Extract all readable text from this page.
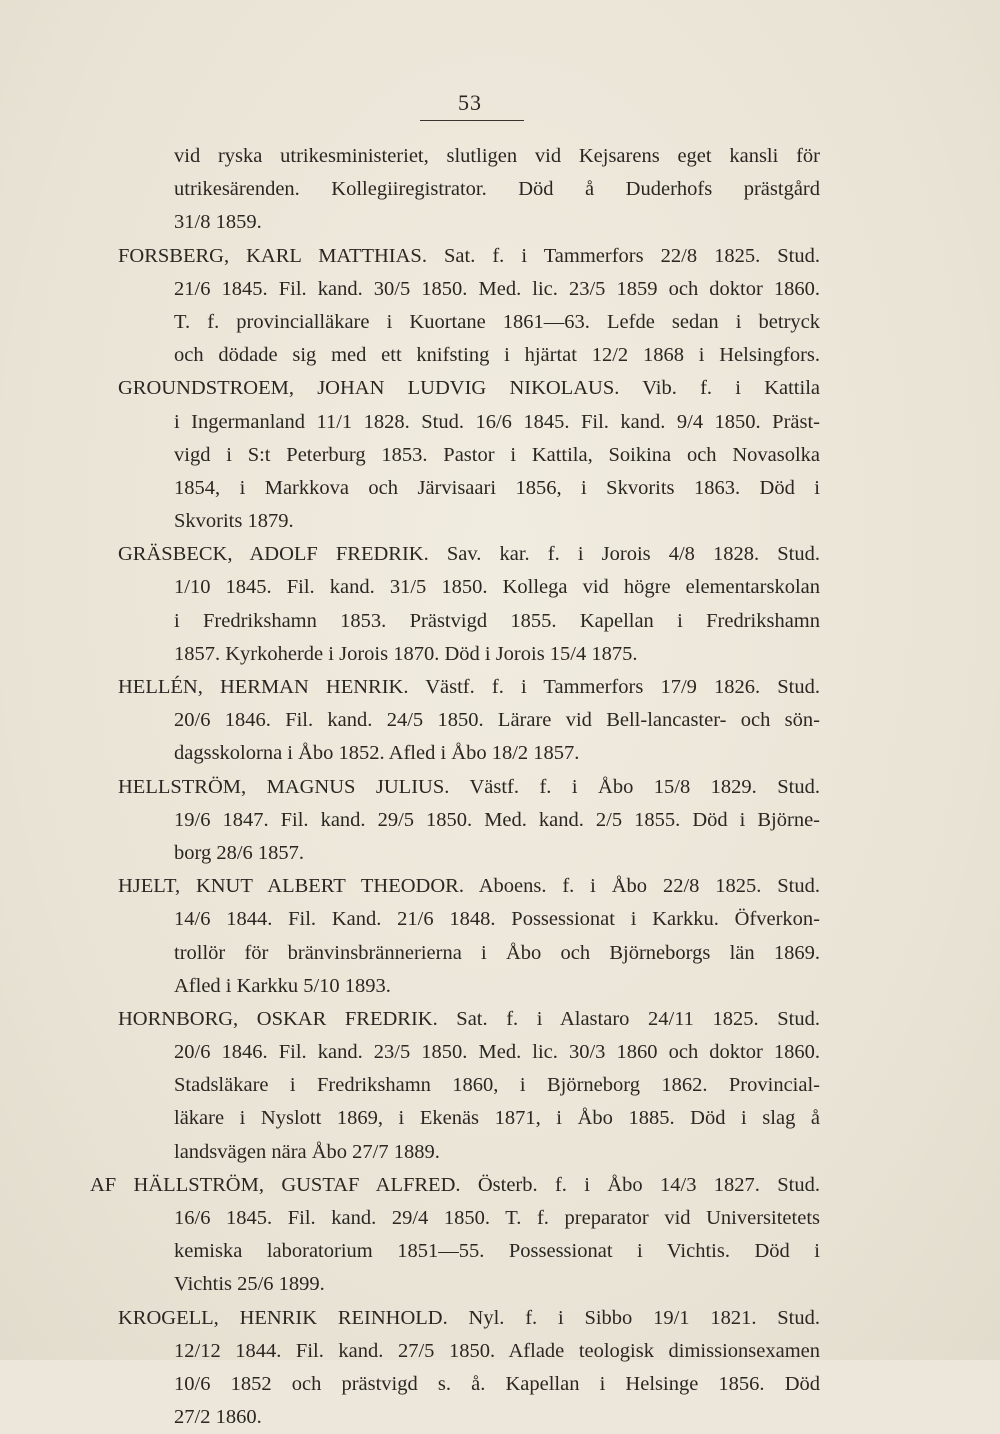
53
vid ryska utrikesministeriet, slutligen vid Kejsarens eget kansli för
utrikesärenden. Kollegiiregistrator. Död å Duderhofs prästgård
31/8 1859.
FORSBERG, KARL MATTHIAS. Sat. f. i Tammerfors 22/8 1825. Stud.
21/6 1845. Fil. kand. 30/5 1850. Med. lic. 23/5 1859 och doktor 1860.
T. f. provincialläkare i Kuortane 1861—63. Lefde sedan i betryck
och dödade sig med ett knifsting i hjärtat 12/2 1868 i Helsingfors.
GROUNDSTROEM, JOHAN LUDVIG NIKOLAUS. Vib. f. i Kattila
i Ingermanland 11/1 1828. Stud. 16/6 1845. Fil. kand. 9/4 1850. Präst-
vigd i S:t Peterburg 1853. Pastor i Kattila, Soikina och Novasolka
1854, i Markkova och Järvisaari 1856, i Skvorits 1863. Död i
Skvorits 1879.
GRÄSBECK, ADOLF FREDRIK. Sav. kar. f. i Jorois 4/8 1828. Stud.
1/10 1845. Fil. kand. 31/5 1850. Kollega vid högre elementarskolan
i Fredrikshamn 1853. Prästvigd 1855. Kapellan i Fredrikshamn
1857. Kyrkoherde i Jorois 1870. Död i Jorois 15/4 1875.
HELLÉN, HERMAN HENRIK. Västf. f. i Tammerfors 17/9 1826. Stud.
20/6 1846. Fil. kand. 24/5 1850. Lärare vid Bell-lancaster- och sön-
dagsskolorna i Åbo 1852. Afled i Åbo 18/2 1857.
HELLSTRÖM, MAGNUS JULIUS. Västf. f. i Åbo 15/8 1829. Stud.
19/6 1847. Fil. kand. 29/5 1850. Med. kand. 2/5 1855. Död i Björne-
borg 28/6 1857.
HJELT, KNUT ALBERT THEODOR. Aboens. f. i Åbo 22/8 1825. Stud.
14/6 1844. Fil. Kand. 21/6 1848. Possessionat i Karkku. Öfverkon-
trollör för bränvinsbrännerierna i Åbo och Björneborgs län 1869.
Afled i Karkku 5/10 1893.
HORNBORG, OSKAR FREDRIK. Sat. f. i Alastaro 24/11 1825. Stud.
20/6 1846. Fil. kand. 23/5 1850. Med. lic. 30/3 1860 och doktor 1860.
Stadsläkare i Fredrikshamn 1860, i Björneborg 1862. Provincial-
läkare i Nyslott 1869, i Ekenäs 1871, i Åbo 1885. Död i slag å
landsvägen nära Åbo 27/7 1889.
AF HÄLLSTRÖM, GUSTAF ALFRED. Österb. f. i Åbo 14/3 1827. Stud.
16/6 1845. Fil. kand. 29/4 1850. T. f. preparator vid Universitetets
kemiska laboratorium 1851—55. Possessionat i Vichtis. Död i
Vichtis 25/6 1899.
KROGELL, HENRIK REINHOLD. Nyl. f. i Sibbo 19/1 1821. Stud.
12/12 1844. Fil. kand. 27/5 1850. Aflade teologisk dimissionsexamen
10/6 1852 och prästvigd s. å. Kapellan i Helsinge 1856. Död
27/2 1860.
